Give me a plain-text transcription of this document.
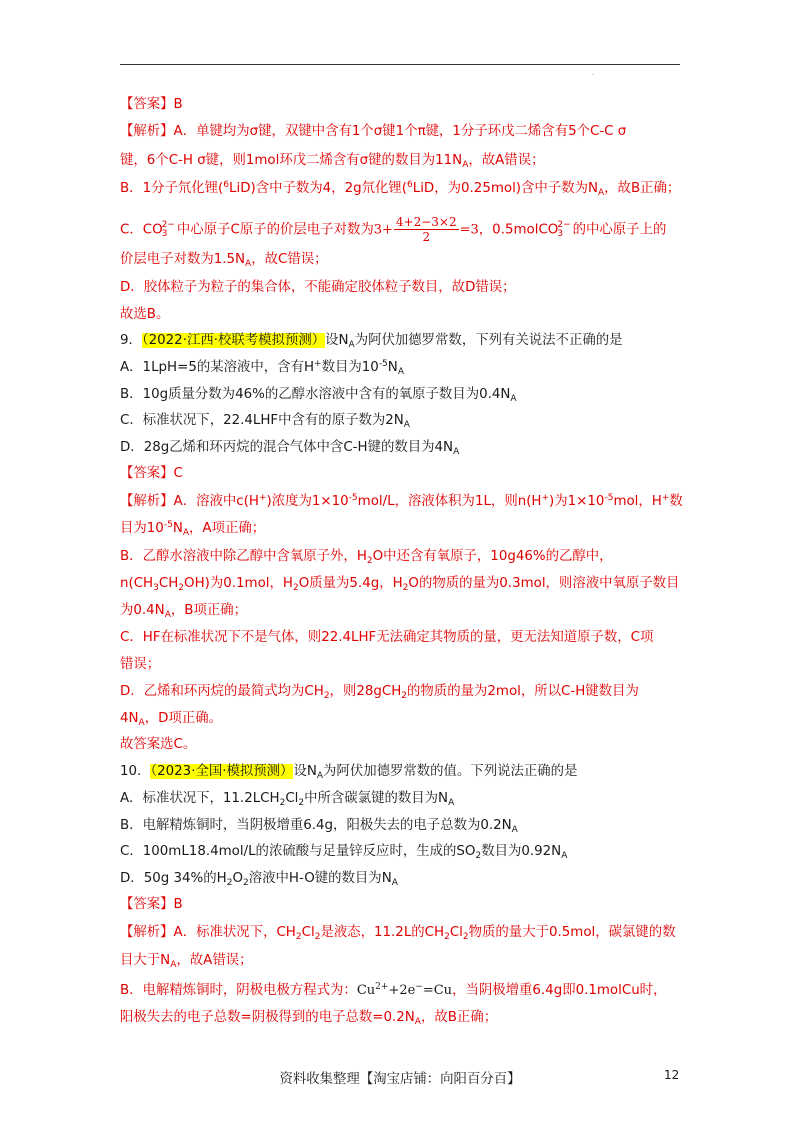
.
【答案】B
【解析】A．单键均为σ键，双键中含有1个σ键1个π键，1分子环戊二烯含有5个C-C σ
键，6个C-H σ键，则1mol环戊二烯含有σ键的数目为$11N_A$，故A错误；
B．1分子氘化锂($^6$LiD)含中子数为4，2g氘化锂($^6$LiD，为0.25mol)含中子数为$N_A$，故B正确；
C．CO 2−
3 中心原子C原子的价层电子对数为$3+ \frac{4+2-3\times 2}{2} =3$，0.5molCO 2−
3 的中心原子上的
价层电子对数为$1.5N_A$，故C错误；
D．胶体粒子为粒子的集合体，不能确定胶体粒子数目，故D错误；
故选B。
9．（2022·江西·校联考模拟预测）设$N_A$为阿伏加德罗常数，下列有关说法不正确的是
A．1LpH=5的某溶液中，含有H+数目为$10^{-5}N_A$
B．10g质量分数为46%的乙醇水溶液中含有的氧原子数目为$0.4N_A$
C．标准状况下，22.4LHF中含有的原子数为$2N_A$
D．28g乙烯和环丙烷的混合气体中含C-H键的数目为$4N_A$
【答案】C
【解析】A．溶液中c(H+)浓度为$1\times 10^{-5}mol/L$，溶液体积为1L，则n(H+)为$1\times 10^{-5}mol$，H+数
目为$10^{-5}N_A$，A项正确；
B．乙醇水溶液中除乙醇中含氧原子外，$H_2O$中还含有氧原子，10g46%的乙醇中，
$n(CH_3CH_2OH)$为0.1mol，$H_2O$质量为5.4g，$H_2O$的物质的量为0.3mol，则溶液中氧原子数目
为$0.4N_A$，B项正确；
C．HF在标准状况下不是气体，则22.4LHF无法确定其物质的量，更无法知道原子数，C项
错误；
D．乙烯和环丙烷的最简式均为$CH_2$，则28gCH$_2$的物质的量为2mol，所以C-H键数目为
$4N_A$，D项正确。
故答案选C。
10．（2023·全国·模拟预测）设$N_A$为阿伏加德罗常数的值。下列说法正确的是
A．标准状况下，$11.2LCH_2Cl_2$中所含碳氯键的数目为$N_A$
B．电解精炼铜时，当阴极增重6.4g，阳极失去的电子总数为$0.2N_A$
C．100mL18.4mol/L的浓硫酸与足量锌反应时，生成的$SO_2$数目为$0.92N_A$
D．50g 34%的$H_2O_2$溶液中H-O键的数目为$N_A$
【答案】B
【解析】A．标准状况下，$CH_2Cl_2$是液态，11.2L的$CH_2Cl_2$物质的量大于0.5mol，碳氯键的数
目大于$N_A$，故A错误；
B．电解精炼铜时，阴极电极方程式为：$Cu^{2+}+2e^-=Cu$，当阴极增重6.4g即0.1molCu时，
阳极失去的电子总数=阴极得到的电子总数$=0.2N_A$，故B正确；
资料收集整理【淘宝店铺：向阳百分百】	12
